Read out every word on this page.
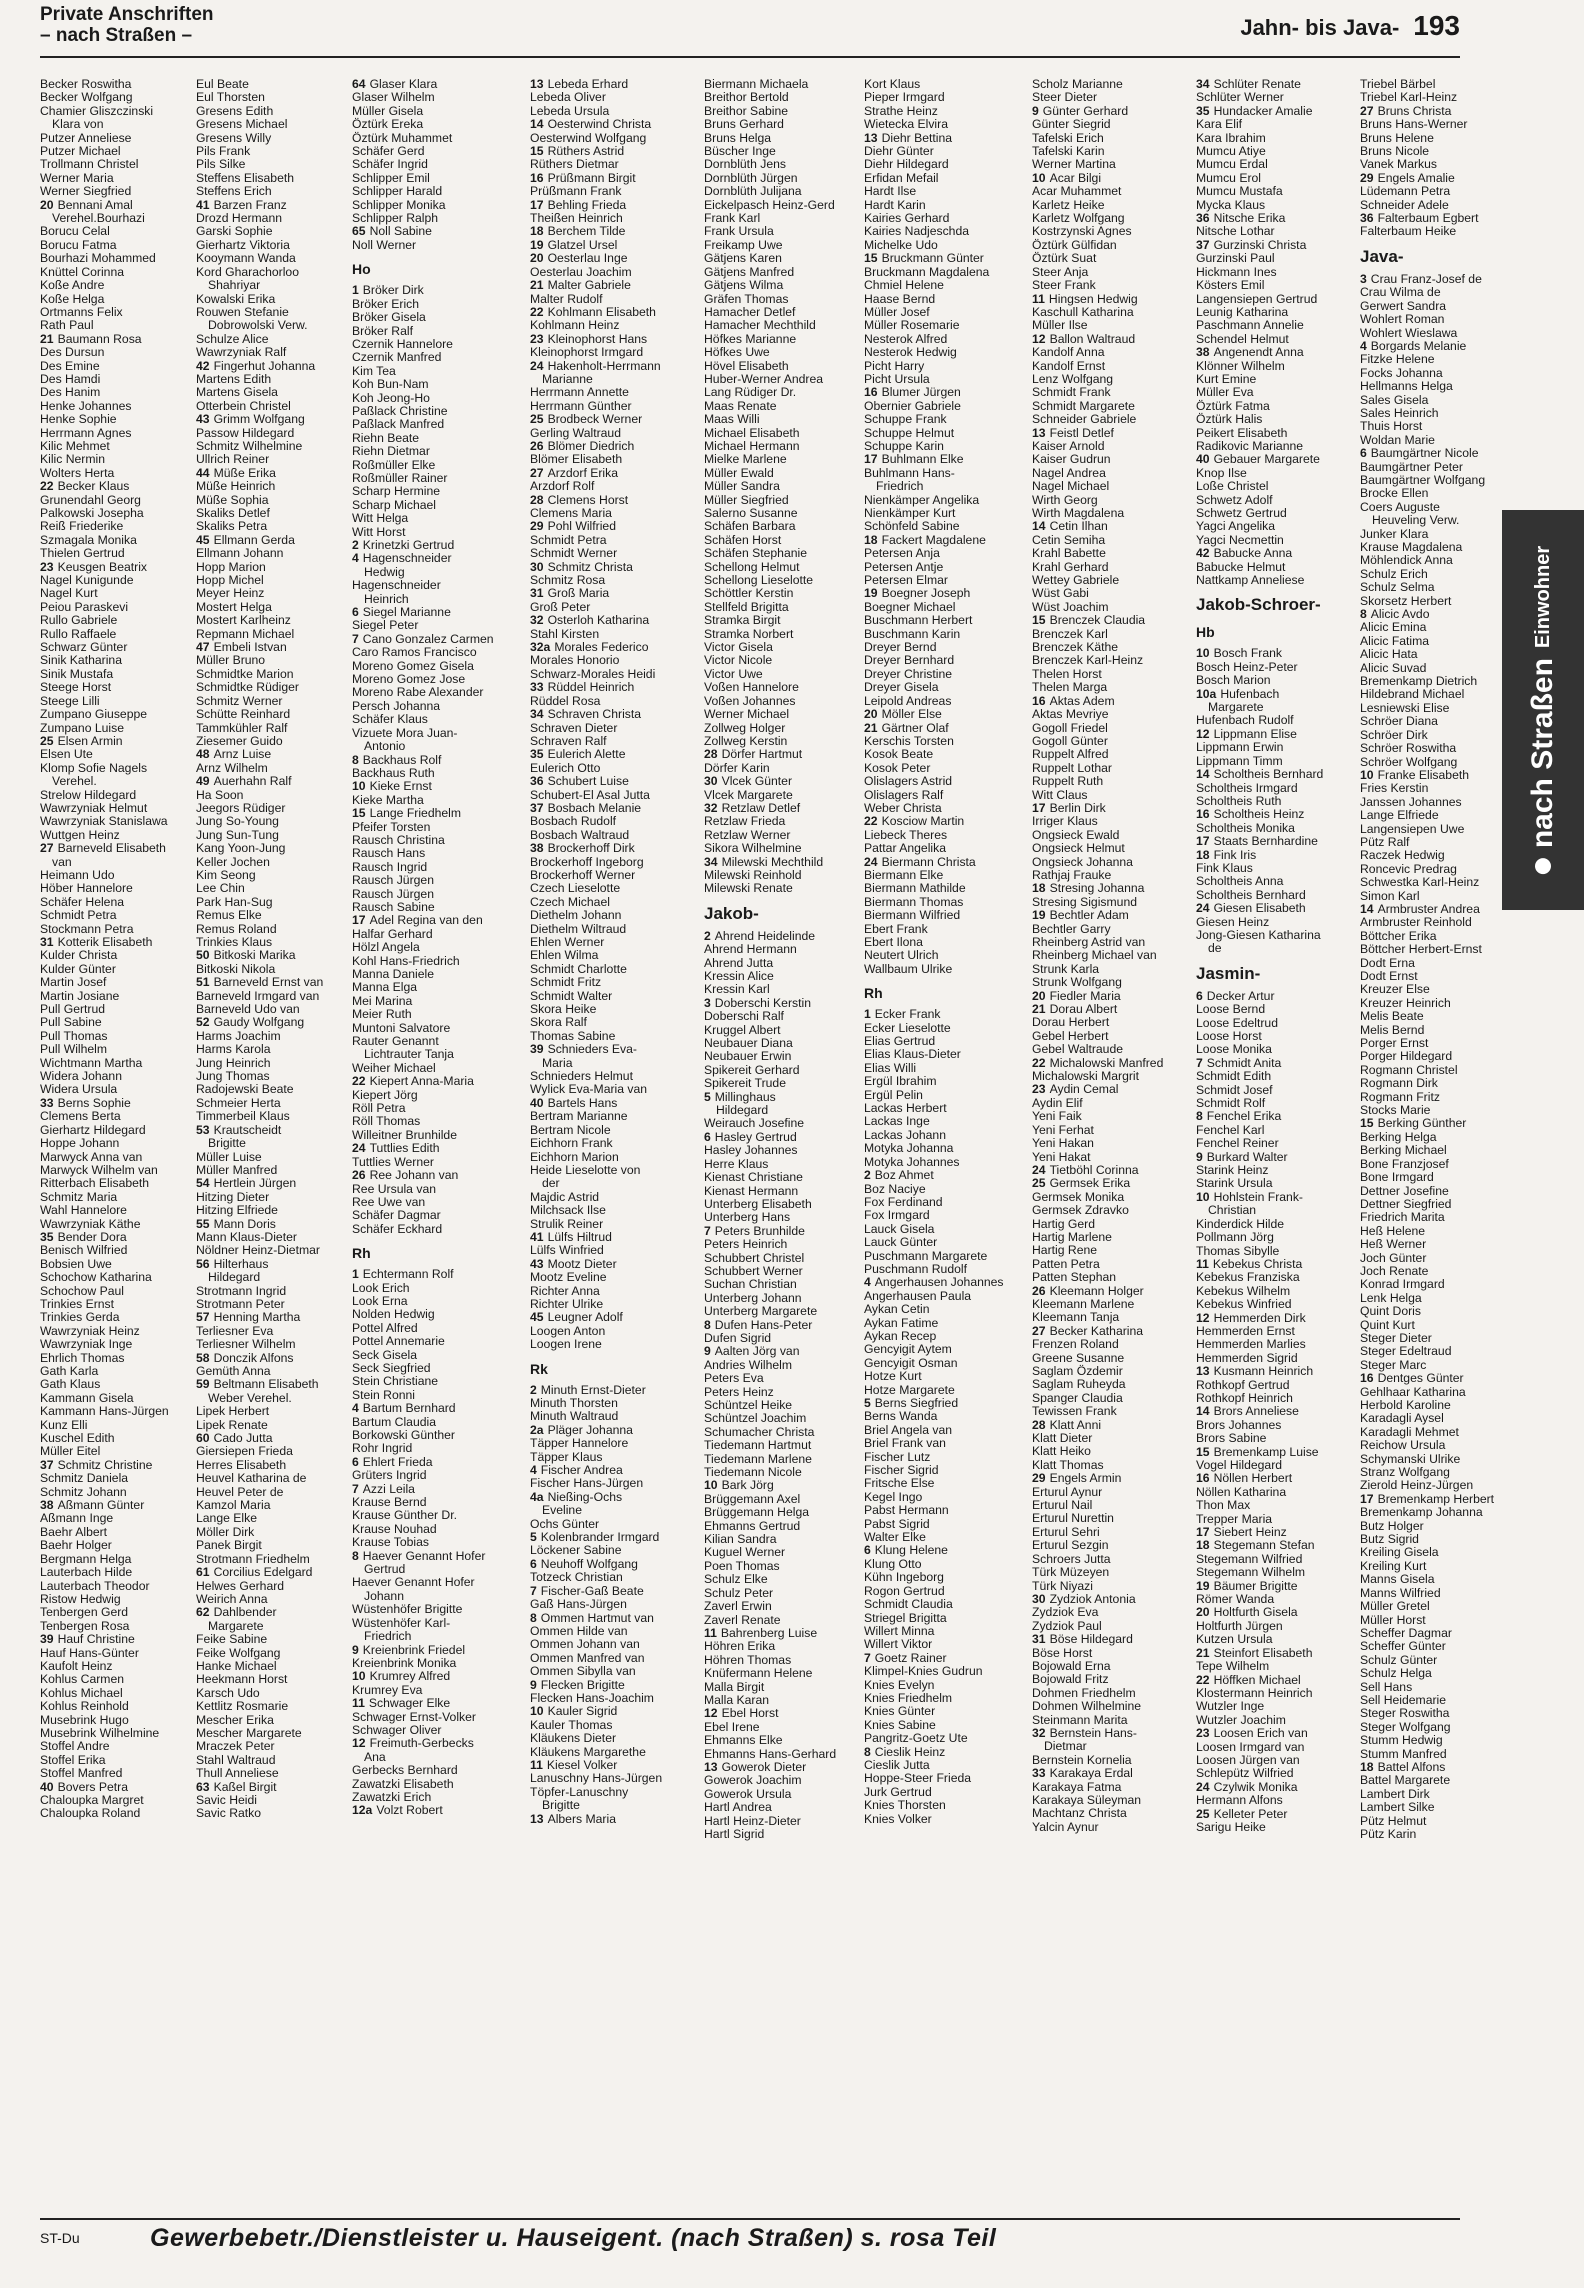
Private Anschriften
– nach Straßen –	Jahn- bis Java- 193
Becker Roswitha
Becker Wolfgang
Chamier Gliszczinski
Klara von
Putzer Anneliese
Putzer Michael
Trollmann Christel
Werner Maria
Werner Siegfried
20 Bennani Amal
Verehel.Bourhazi
Borucu Celal
Borucu Fatma
Bourhazi Mohammed
Knüttel Corinna
Koße Andre
Koße Helga
Ortmanns Felix
Rath Paul
21 Baumann Rosa
Des Dursun
Des Emine
Des Hamdi
Des Hanim
Henke Johannes
Henke Sophie
Herrmann Agnes
Kilic Mehmet
Kilic Nermin
Wolters Herta
22 Becker Klaus
Grunendahl Georg
Palkowski Josepha
Reiß Friederike
Szmagala Monika
Thielen Gertrud
23 Keusgen Beatrix
Nagel Kunigunde
Nagel Kurt
Peiou Paraskevi
Rullo Gabriele
Rullo Raffaele
Schwarz Günter
Sinik Katharina
Sinik Mustafa
Steege Horst
Steege Lilli
Zumpano Giuseppe
Zumpano Luise
25 Elsen Armin
Elsen Ute
Klomp Sofie Nagels
Verehel.
Strelow Hildegard
Wawrzyniak Helmut
Wawrzyniak Stanislawa
Wuttgen Heinz
27 Barneveld Elisabeth
van
Heimann Udo
Höber Hannelore
Schäfer Helena
Schmidt Petra
Stockmann Petra
31 Kotterik Elisabeth
Kulder Christa
Kulder Günter
Martin Josef
Martin Josiane
Pull Gertrud
Pull Sabine
Pull Thomas
Pull Wilhelm
Wichtmann Martha
Widera Johann
Widera Ursula
33 Berns Sophie
Clemens Berta
Gierhartz Hildegard
Hoppe Johann
Marwyck Anna van
Marwyck Wilhelm van
Ritterbach Elisabeth
Schmitz Maria
Wahl Hannelore
Wawrzyniak Käthe
35 Bender Dora
Benisch Wilfried
Bobsien Uwe
Schochow Katharina
Schochow Paul
Trinkies Ernst
Trinkies Gerda
Wawrzyniak Heinz
Wawrzyniak Inge
Ehrlich Thomas
Gath Karla
Gath Klaus
Kammann Gisela
Kammann Hans-Jürgen
Kunz Elli
Kuschel Edith
Müller Eitel
37 Schmitz Christine
Schmitz Daniela
Schmitz Johann
38 Aßmann Günter
Aßmann Inge
Baehr Albert
Baehr Holger
Bergmann Helga
Lauterbach Hilde
Lauterbach Theodor
Ristow Hedwig
Tenbergen Gerd
Tenbergen Rosa
39 Hauf Christine
Hauf Hans-Günter
Kaufolt Heinz
Kohlus Carmen
Kohlus Michael
Kohlus Reinhold
Musebrink Hugo
Musebrink Wilhelmine
Stoffel Andre
Stoffel Erika
Stoffel Manfred
40 Bovers Petra
Chaloupka Margret
Chaloupka Roland
Eul Beate
Eul Thorsten
Gresens Edith
Gresens Michael
Gresens Willy
Pils Frank
Pils Silke
Steffens Elisabeth
Steffens Erich
41 Barzen Franz
Drozd Hermann
Garski Sophie
Gierhartz Viktoria
Kooymann Wanda
Kord Gharachorloo
Shahriyar
Kowalski Erika
Rouwen Stefanie
Dobrowolski Verw.
Schulze Alice
Wawrzyniak Ralf
42 Fingerhut Johanna
Martens Edith
Martens Gisela
Otterbein Christel
43 Grimm Wolfgang
Passow Hildegard
Schmitz Wilhelmine
Ullrich Reiner
44 Müße Erika
Müße Heinrich
Müße Sophia
Skaliks Detlef
Skaliks Petra
45 Ellmann Gerda
Ellmann Johann
Hopp Marion
Hopp Michel
Meyer Heinz
Mostert Helga
Mostert Karlheinz
Repmann Michael
47 Embeli Istvan
Müller Bruno
Schmidtke Marion
Schmidtke Rüdiger
Schmitz Werner
Schütte Reinhard
Tammkühler Ralf
Ziesemer Guido
48 Arnz Luise
Arnz Wilhelm
49 Auerhahn Ralf
Ha Soon
Jeegors Rüdiger
Jung So-Young
Jung Sun-Tung
Kang Yoon-Jung
Keller Jochen
Kim Seong
Lee Chin
Park Han-Sug
Remus Elke
Remus Roland
Trinkies Klaus
50 Bitkoski Marika
Bitkoski Nikola
51 Barneveld Ernst van
Barneveld Irmgard van
Barneveld Udo van
52 Gaudy Wolfgang
Harms Joachim
Harms Karola
Jung Heinrich
Jung Thomas
Radojewski Beate
Schmeier Herta
Timmerbeil Klaus
53 Krautscheidt
Brigitte
Müller Luise
Müller Manfred
54 Hertlein Jürgen
Hitzing Dieter
Hitzing Elfriede
55 Mann Doris
Mann Klaus-Dieter
Nöldner Heinz-Dietmar
56 Hilterhaus
Hildegard
Strotmann Ingrid
Strotmann Peter
57 Henning Martha
Terliesner Eva
Terliesner Wilhelm
58 Donczik Alfons
Gemüth Anna
59 Beltmann Elisabeth
Weber Verehel.
Lipek Herbert
Lipek Renate
60 Cado Jutta
Giersiepen Frieda
Herres Elisabeth
Heuvel Katharina de
Heuvel Peter de
Kamzol Maria
Lange Elke
Möller Dirk
Panek Birgit
Strotmann Friedhelm
61 Corcilius Edelgard
Helwes Gerhard
Weirich Anna
62 Dahlbender
Margarete
Feike Sabine
Feike Wolfgang
Hanke Michael
Heekmann Horst
Karsch Udo
Kettlitz Rosmarie
Mescher Erika
Mescher Margarete
Mraczek Peter
Stahl Waltraud
Thull Anneliese
63 Kaßel Birgit
Savic Heidi
Savic Ratko
64 Glaser Klara
Glaser Wilhelm
Müller Gisela
Öztürk Ereka
Öztürk Muhammet
Schäfer Gerd
Schäfer Ingrid
Schlipper Emil
Schlipper Harald
Schlipper Monika
Schlipper Ralph
65 Noll Sabine
Noll Werner
Ho
1 Bröker Dirk
Bröker Erich
Bröker Gisela
Bröker Ralf
Czernik Hannelore
Czernik Manfred
Kim Tea
Koh Bun-Nam
Koh Jeong-Ho
Paßlack Christine
Paßlack Manfred
Riehn Beate
Riehn Dietmar
Roßmüller Elke
Roßmüller Rainer
Scharp Hermine
Scharp Michael
Witt Helga
Witt Horst
2 Krinetzki Gertrud
4 Hagenschneider
Hedwig
Hagenschneider
Heinrich
6 Siegel Marianne
Siegel Peter
7 Cano Gonzalez Carmen
Caro Ramos Francisco
Moreno Gomez Gisela
Moreno Gomez Jose
Moreno Rabe Alexander
Persch Johanna
Schäfer Klaus
Vizuete Mora Juan-
Antonio
8 Backhaus Rolf
Backhaus Ruth
10 Kieke Ernst
Kieke Martha
15 Lange Friedhelm
Pfeifer Torsten
Rausch Christina
Rausch Hans
Rausch Ingrid
Rausch Jürgen
Rausch Jürgen
Rausch Sabine
17 Adel Regina van den
Halfar Gerhard
Hölzl Angela
Kohl Hans-Friedrich
Manna Daniele
Manna Elga
Mei Marina
Meier Ruth
Muntoni Salvatore
Rauter Genannt
Lichtrauter Tanja
Weiher Michael
22 Kiepert Anna-Maria
Kiepert Jörg
Röll Petra
Röll Thomas
Willeitner Brunhilde
24 Tuttlies Edith
Tuttlies Werner
26 Ree Johann van
Ree Ursula van
Ree Uwe van
Schäfer Dagmar
Schäfer Eckhard
Rh
1 Echtermann Rolf
Look Erich
Look Erna
Nolden Hedwig
Pottel Alfred
Pottel Annemarie
Seck Gisela
Seck Siegfried
Stein Christiane
Stein Ronni
4 Bartum Bernhard
Bartum Claudia
Borkowski Günther
Rohr Ingrid
6 Ehlert Frieda
Grüters Ingrid
7 Azzi Leila
Krause Bernd
Krause Günther Dr.
Krause Nouhad
Krause Tobias
8 Haever Genannt Hofer
Gertrud
Haever Genannt Hofer
Johann
Wüstenhöfer Brigitte
Wüstenhöfer Karl-
Friedrich
9 Kreienbrink Friedel
Kreienbrink Monika
10 Krumrey Alfred
Krumrey Eva
11 Schwager Elke
Schwager Ernst-Volker
Schwager Oliver
12 Freimuth-Gerbecks
Ana
Gerbecks Bernhard
Zawatzki Elisabeth
Zawatzki Erich
12a Volzt Robert
13 Lebeda Erhard
Lebeda Oliver
Lebeda Ursula
14 Oesterwind Christa
Oesterwind Wolfgang
15 Rüthers Astrid
Rüthers Dietmar
16 Prüßmann Birgit
Prüßmann Frank
17 Behling Frieda
Theißen Heinrich
18 Berchem Tilde
19 Glatzel Ursel
20 Oesterlau Inge
Oesterlau Joachim
21 Malter Gabriele
Malter Rudolf
22 Kohlmann Elisabeth
Kohlmann Heinz
23 Kleinophorst Hans
Kleinophorst Irmgard
24 Hakenholt-Herrmann
Marianne
Herrmann Annette
Herrmann Günther
25 Brodbeck Werner
Gerling Waltraud
26 Blömer Diedrich
Blömer Elisabeth
27 Arzdorf Erika
Arzdorf Rolf
28 Clemens Horst
Clemens Maria
29 Pohl Wilfried
Schmidt Petra
Schmidt Werner
30 Schmitz Christa
Schmitz Rosa
31 Groß Maria
Groß Peter
32 Osterloh Katharina
Stahl Kirsten
32a Morales Federico
Morales Honorio
Schwarz-Morales Heidi
33 Rüddel Heinrich
Rüddel Rosa
34 Schraven Christa
Schraven Dieter
Schraven Ralf
35 Eulerich Alette
Eulerich Otto
36 Schubert Luise
Schubert-El Asal Jutta
37 Bosbach Melanie
Bosbach Rudolf
Bosbach Waltraud
38 Brockerhoff Dirk
Brockerhoff Ingeborg
Brockerhoff Werner
Czech Lieselotte
Czech Michael
Diethelm Johann
Diethelm Wiltraud
Ehlen Werner
Ehlen Wilma
Schmidt Charlotte
Schmidt Fritz
Schmidt Walter
Skora Heike
Skora Ralf
Thomas Sabine
39 Schnieders Eva-
Maria
Schnieders Helmut
Wylick Eva-Maria van
40 Bartels Hans
Bertram Marianne
Bertram Nicole
Eichhorn Frank
Eichhorn Marion
Heide Lieselotte von
der
Majdic Astrid
Milchsack Ilse
Strulik Reiner
41 Lülfs Hiltrud
Lülfs Winfried
43 Mootz Dieter
Mootz Eveline
Richter Anna
Richter Ulrike
45 Leugner Adolf
Loogen Anton
Loogen Irene
Rk
2 Minuth Ernst-Dieter
Minuth Thorsten
Minuth Waltraud
2a Pläger Johanna
Täpper Hannelore
Täpper Klaus
4 Fischer Andrea
Fischer Hans-Jürgen
4a Nießing-Ochs
Eveline
Ochs Günter
5 Kolenbrander Irmgard
Löckener Sabine
6 Neuhoff Wolfgang
Totzeck Christian
7 Fischer-Gaß Beate
Gaß Hans-Jürgen
8 Ommen Hartmut van
Ommen Hilde van
Ommen Johann van
Ommen Manfred van
Ommen Sibylla van
9 Flecken Brigitte
Flecken Hans-Joachim
10 Kauler Sigrid
Kauler Thomas
Kläukens Dieter
Kläukens Margarethe
11 Kiesel Volker
Lanuschny Hans-Jürgen
Töpfer-Lanuschny
Brigitte
13 Albers Maria
Biermann Michaela
Breithor Bertold
Breithor Sabine
Bruns Gerhard
Bruns Helga
Büscher Inge
Dornblüth Jens
Dornblüth Jürgen
Dornblüth Julijana
Eickelpasch Heinz-Gerd
Frank Karl
Frank Ursula
Freikamp Uwe
Gätjens Karen
Gätjens Manfred
Gätjens Wilma
Gräfen Thomas
Hamacher Detlef
Hamacher Mechthild
Höfkes Marianne
Höfkes Uwe
Hövel Elisabeth
Huber-Werner Andrea
Lang Rüdiger Dr.
Maas Renate
Maas Willi
Michael Elisabeth
Michael Hermann
Mielke Marlene
Müller Ewald
Müller Sandra
Müller Siegfried
Salerno Susanne
Schäfen Barbara
Schäfen Horst
Schäfen Stephanie
Schellong Helmut
Schellong Lieselotte
Schöttler Kerstin
Stellfeld Brigitta
Stramka Birgit
Stramka Norbert
Victor Gisela
Victor Nicole
Victor Uwe
Voßen Hannelore
Voßen Johannes
Werner Michael
Zollweg Holger
Zollweg Kerstin
28 Dörfer Hartmut
Dörfer Karin
30 Vlcek Günter
Vlcek Margarete
32 Retzlaw Detlef
Retzlaw Frieda
Retzlaw Werner
Sikora Wilhelmine
34 Milewski Mechthild
Milewski Reinhold
Milewski Renate
Jakob-
2 Ahrend Heidelinde
Ahrend Hermann
Ahrend Jutta
Kressin Alice
Kressin Karl
3 Doberschi Kerstin
Doberschi Ralf
Kruggel Albert
Neubauer Diana
Neubauer Erwin
Spikereit Gerhard
Spikereit Trude
5 Millinghaus
Hildegard
Weirauch Josefine
6 Hasley Gertrud
Hasley Johannes
Herre Klaus
Kienast Christiane
Kienast Hermann
Unterberg Elisabeth
Unterberg Hans
7 Peters Brunhilde
Peters Heinrich
Schubbert Christel
Schubbert Werner
Suchan Christian
Unterberg Johann
Unterberg Margarete
8 Dufen Hans-Peter
Dufen Sigrid
9 Aalten Jörg van
Andries Wilhelm
Peters Eva
Peters Heinz
Schüntzel Heike
Schüntzel Joachim
Schumacher Christa
Tiedemann Hartmut
Tiedemann Marlene
Tiedemann Nicole
10 Bark Jörg
Brüggemann Axel
Brüggemann Helga
Ehmanns Gertrud
Kilian Sandra
Kuguel Werner
Poen Thomas
Schulz Elke
Schulz Peter
Zaverl Erwin
Zaverl Renate
11 Bahrenberg Luise
Höhren Erika
Höhren Thomas
Knüfermann Helene
Malla Birgit
Malla Karan
12 Ebel Horst
Ebel Irene
Ehmanns Elke
Ehmanns Hans-Gerhard
13 Gowerok Dieter
Gowerok Joachim
Gowerok Ursula
Hartl Andrea
Hartl Heinz-Dieter
Hartl Sigrid
Kort Klaus
Pieper Irmgard
Strathe Heinz
Wietecka Elvira
13 Diehr Bettina
Diehr Günter
Diehr Hildegard
Erfidan Mefail
Hardt Ilse
Hardt Karin
Kairies Gerhard
Kairies Nadjeschda
Michelke Udo
15 Bruckmann Günter
Bruckmann Magdalena
Chmiel Helene
Haase Bernd
Müller Josef
Müller Rosemarie
Nesterok Alfred
Nesterok Hedwig
Picht Harry
Picht Ursula
16 Blumer Jürgen
Obernier Gabriele
Schuppe Frank
Schuppe Helmut
Schuppe Karin
17 Buhlmann Elke
Buhlmann Hans-
Friedrich
Nienkämper Angelika
Nienkämper Kurt
Schönfeld Sabine
18 Fackert Magdalene
Petersen Anja
Petersen Antje
Petersen Elmar
19 Boegner Joseph
Boegner Michael
Buschmann Herbert
Buschmann Karin
Dreyer Bernd
Dreyer Bernhard
Dreyer Christine
Dreyer Gisela
Leipold Andreas
20 Möller Else
21 Gärtner Olaf
Kerschis Torsten
Kosok Beate
Kosok Peter
Olislagers Astrid
Olislagers Ralf
Weber Christa
22 Kosciow Martin
Liebeck Theres
Pattar Angelika
24 Biermann Christa
Biermann Elke
Biermann Mathilde
Biermann Thomas
Biermann Wilfried
Ebert Frank
Ebert Ilona
Neutert Ulrich
Wallbaum Ulrike
Rh
1 Ecker Frank
Ecker Lieselotte
Elias Gertrud
Elias Klaus-Dieter
Elias Willi
Ergül Ibrahim
Ergül Pelin
Lackas Herbert
Lackas Inge
Lackas Johann
Motyka Johanna
Motyka Johannes
2 Boz Ahmet
Boz Naciye
Fox Ferdinand
Fox Irmgard
Lauck Gisela
Lauck Günter
Puschmann Margarete
Puschmann Rudolf
4 Angerhausen Johannes
Angerhausen Paula
Aykan Cetin
Aykan Fatime
Aykan Recep
Gencyigit Aytem
Gencyigit Osman
Hotze Kurt
Hotze Margarete
5 Berns Siegfried
Berns Wanda
Briel Angela van
Briel Frank van
Fischer Lutz
Fischer Sigrid
Fritsche Else
Kegel Ingo
Pabst Hermann
Pabst Sigrid
Walter Elke
6 Klung Helene
Klung Otto
Kühn Ingeborg
Rogon Gertrud
Schmidt Claudia
Striegel Brigitta
Willert Minna
Willert Viktor
7 Goetz Rainer
Klimpel-Knies Gudrun
Knies Evelyn
Knies Friedhelm
Knies Günter
Knies Sabine
Pangritz-Goetz Ute
8 Cieslik Heinz
Cieslik Jutta
Hoppe-Steer Frieda
Jurk Gertrud
Knies Thorsten
Knies Volker
Scholz Marianne
Steer Dieter
9 Günter Gerhard
Günter Siegrid
Tafelski Erich
Tafelski Karin
Werner Martina
10 Acar Bilgi
Acar Muhammet
Karletz Heike
Karletz Wolfgang
Kostrzynski Agnes
Öztürk Gülfidan
Öztürk Suat
Steer Anja
Steer Frank
11 Hingsen Hedwig
Kaschull Katharina
Müller Ilse
12 Ballon Waltraud
Kandolf Anna
Kandolf Ernst
Lenz Wolfgang
Schmidt Frank
Schmidt Margarete
Schneider Gabriele
13 Feistl Detlef
Kaiser Arnold
Kaiser Gudrun
Nagel Andrea
Nagel Michael
Wirth Georg
Wirth Magdalena
14 Cetin Ilhan
Cetin Semiha
Krahl Babette
Krahl Gerhard
Wettey Gabriele
Wüst Gabi
Wüst Joachim
15 Brenczek Claudia
Brenczek Karl
Brenczek Käthe
Brenczek Karl-Heinz
Thelen Horst
Thelen Marga
16 Aktas Adem
Aktas Mevriye
Gogoll Friedel
Gogoll Günter
Ruppelt Alfred
Ruppelt Lothar
Ruppelt Ruth
Witt Claus
17 Berlin Dirk
Irriger Klaus
Ongsieck Ewald
Ongsieck Helmut
Ongsieck Johanna
Rathjaj Frauke
18 Stresing Johanna
Stresing Sigismund
19 Bechtler Adam
Bechtler Garry
Rheinberg Astrid van
Rheinberg Michael van
Strunk Karla
Strunk Wolfgang
20 Fiedler Maria
21 Dorau Albert
Dorau Herbert
Gebel Herbert
Gebel Waltraude
22 Michalowski Manfred
Michalowski Margrit
23 Aydin Cemal
Aydin Elif
Yeni Faik
Yeni Ferhat
Yeni Hakan
Yeni Hakat
24 Tietböhl Corinna
25 Germsek Erika
Germsek Monika
Germsek Zdravko
Hartig Gerd
Hartig Marlene
Hartig Rene
Patten Petra
Patten Stephan
26 Kleemann Holger
Kleemann Marlene
Kleemann Tanja
27 Becker Katharina
Frenzen Roland
Greene Susanne
Saglam Özdemir
Saglam Ruheyda
Spanger Claudia
Tewissen Frank
28 Klatt Anni
Klatt Dieter
Klatt Heiko
Klatt Thomas
29 Engels Armin
Erturul Aynur
Erturul Nail
Erturul Nurettin
Erturul Sehri
Erturul Sezgin
Schroers Jutta
Türk Müzeyen
Türk Niyazi
30 Zydziok Antonia
Zydziok Eva
Zydziok Paul
31 Böse Hildegard
Böse Horst
Bojowald Erna
Bojowald Fritz
Dohmen Friedhelm
Dohmen Wilhelmine
Steinmann Marita
32 Bernstein Hans-
Dietmar
Bernstein Kornelia
33 Karakaya Erdal
Karakaya Fatma
Karakaya Süleyman
Machtanz Christa
Yalcin Aynur
34 Schlüter Renate
Schlüter Werner
35 Hundacker Amalie
Kara Elif
Kara Ibrahim
Mumcu Atiye
Mumcu Erdal
Mumcu Erol
Mumcu Mustafa
Mycka Klaus
36 Nitsche Erika
Nitsche Lothar
37 Gurzinski Christa
Gurzinski Paul
Hickmann Ines
Kösters Emil
Langensiepen Gertrud
Leunig Katharina
Paschmann Annelie
Schendel Helmut
38 Angenendt Anna
Klönner Wilhelm
Kurt Emine
Müller Eva
Öztürk Fatma
Öztürk Halis
Peikert Elisabeth
Radikovic Marianne
40 Gebauer Margarete
Knop Ilse
Loße Christel
Schwetz Adolf
Schwetz Gertrud
Yagci Angelika
Yagci Necmettin
42 Babucke Anna
Babucke Helmut
Nattkamp Anneliese
Jakob-Schroer-
Hb
10 Bosch Frank
Bosch Heinz-Peter
Bosch Marion
10a Hufenbach
Margarete
Hufenbach Rudolf
12 Lippmann Elise
Lippmann Erwin
Lippmann Timm
14 Scholtheis Bernhard
Scholtheis Irmgard
Scholtheis Ruth
16 Scholtheis Heinz
Scholtheis Monika
17 Staats Bernhardine
18 Fink Iris
Fink Klaus
Scholtheis Anna
Scholtheis Bernhard
24 Giesen Elisabeth
Giesen Heinz
Jong-Giesen Katharina
de
Jasmin-
6 Decker Artur
Loose Bernd
Loose Edeltrud
Loose Horst
Loose Monika
7 Schmidt Anita
Schmidt Edith
Schmidt Josef
Schmidt Rolf
8 Fenchel Erika
Fenchel Karl
Fenchel Reiner
9 Burkard Walter
Starink Heinz
Starink Ursula
10 Hohlstein Frank-
Christian
Kinderdick Hilde
Pollmann Jörg
Thomas Sibylle
11 Kebekus Christa
Kebekus Franziska
Kebekus Wilhelm
Kebekus Winfried
12 Hemmerden Dirk
Hemmerden Ernst
Hemmerden Marlies
Hemmerden Sigrid
13 Kusmann Heinrich
Rothkopf Gertrud
Rothkopf Heinrich
14 Brors Anneliese
Brors Johannes
Brors Sabine
15 Bremenkamp Luise
Vogel Hildegard
16 Nöllen Herbert
Nöllen Katharina
Thon Max
Trepper Maria
17 Siebert Heinz
18 Stegemann Stefan
Stegemann Wilfried
Stegemann Wilhelm
19 Bäumer Brigitte
Römer Wanda
20 Holtfurth Gisela
Holtfurth Jürgen
Kutzen Ursula
21 Steinfort Elisabeth
Tepe Wilhelm
22 Höffken Michael
Klostermann Heinrich
Wutzler Inge
Wutzler Joachim
23 Loosen Erich van
Loosen Irmgard van
Loosen Jürgen van
Schlepütz Wilfried
24 Czylwik Monika
Hermann Alfons
25 Kelleter Peter
Sarigu Heike
Triebel Bärbel
Triebel Karl-Heinz
27 Bruns Christa
Bruns Hans-Werner
Bruns Helene
Bruns Nicole
Vanek Markus
29 Engels Amalie
Lüdemann Petra
Schneider Adele
36 Falterbaum Egbert
Falterbaum Heike
Java-
3 Crau Franz-Josef de
Crau Wilma de
Gerwert Sandra
Wohlert Roman
Wohlert Wieslawa
4 Borgards Melanie
Fitzke Helene
Focks Johanna
Hellmanns Helga
Sales Gisela
Sales Heinrich
Thuis Horst
Woldan Marie
6 Baumgärtner Nicole
Baumgärtner Peter
Baumgärtner Wolfgang
Brocke Ellen
Coers Auguste
Heuveling Verw.
Junker Klara
Krause Magdalena
Möhlendick Anna
Schulz Erich
Schulz Selma
Skorsetz Herbert
8 Alicic Avdo
Alicic Emina
Alicic Fatima
Alicic Hata
Alicic Suvad
Bremenkamp Dietrich
Hildebrand Michael
Lesniewski Elise
Schröer Diana
Schröer Dirk
Schröer Roswitha
Schröer Wolfgang
10 Franke Elisabeth
Fries Kerstin
Janssen Johannes
Lange Elfriede
Langensiepen Uwe
Pütz Ralf
Raczek Hedwig
Roncevic Predrag
Schwestka Karl-Heinz
Simon Karl
14 Armbruster Andrea
Armbruster Reinhold
Böttcher Erika
Böttcher Herbert-Ernst
Dodt Erna
Dodt Ernst
Kreuzer Else
Kreuzer Heinrich
Melis Beate
Melis Bernd
Porger Ernst
Porger Hildegard
Rogmann Christel
Rogmann Dirk
Rogmann Fritz
Stocks Marie
15 Berking Günther
Berking Helga
Berking Michael
Bone Franzjosef
Bone Irmgard
Dettner Josefine
Dettner Siegfried
Friedrich Marita
Heß Helene
Heß Werner
Joch Günter
Joch Renate
Konrad Irmgard
Lenk Helga
Quint Doris
Quint Kurt
Steger Dieter
Steger Edeltraud
Steger Marc
16 Dentges Günter
Gehlhaar Katharina
Herbold Karoline
Karadagli Aysel
Karadagli Mehmet
Reichow Ursula
Schymanski Ulrike
Stranz Wolfgang
Zierold Heinz-Jürgen
17 Bremenkamp Herbert
Bremenkamp Johanna
Butz Holger
Butz Sigrid
Kreiling Gisela
Kreiling Kurt
Manns Gisela
Manns Wilfried
Müller Gretel
Müller Horst
Scheffer Dagmar
Scheffer Günter
Schulz Günter
Schulz Helga
Sell Hans
Sell Heidemarie
Steger Roswitha
Steger Wolfgang
Stumm Hedwig
Stumm Manfred
18 Battel Alfons
Battel Margarete
Lambert Dirk
Lambert Silke
Pütz Helmut
Pütz Karin
nach Straßen
Einwohner
ST-Du	Gewerbebetr./Dienstleister u. Hauseigent. (nach Straßen) s. rosa Teil
